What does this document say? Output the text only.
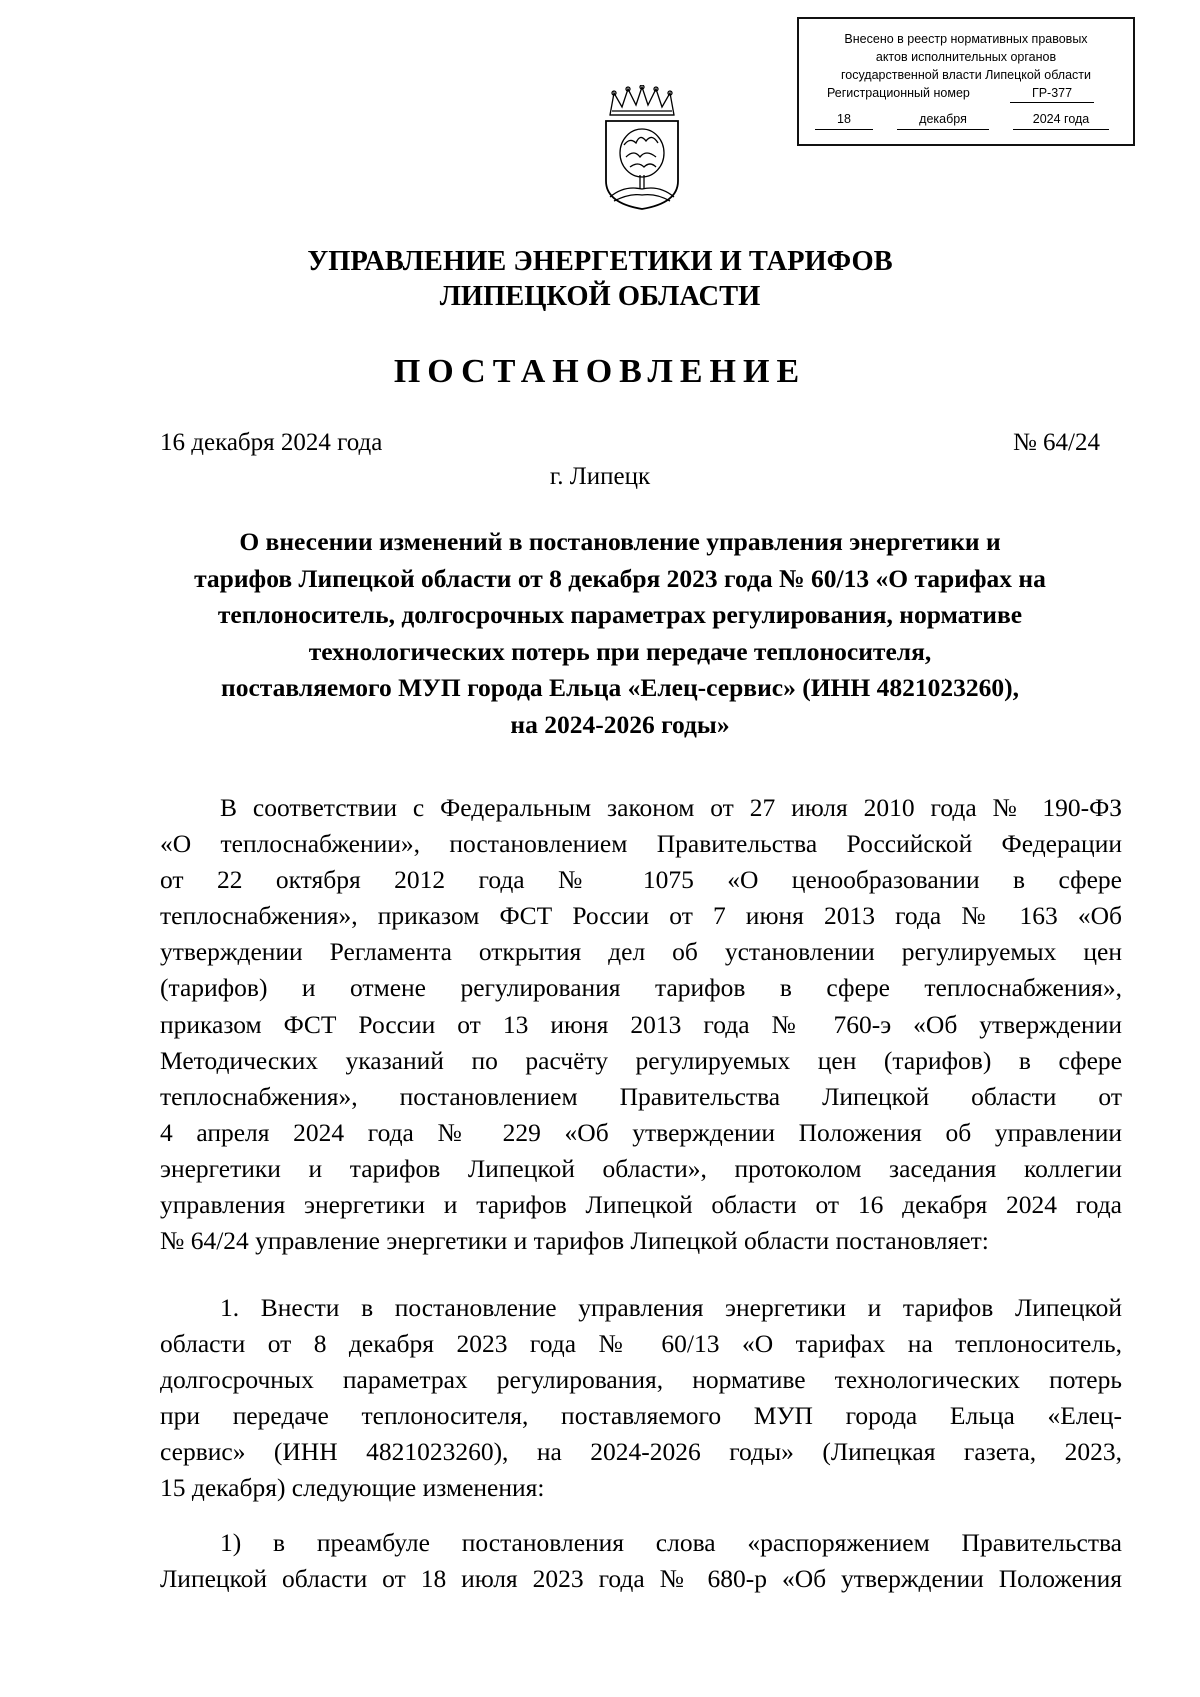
Внесено в реестр нормативных правовых
актов исполнительных органов
государственной власти Липецкой области
Регистрационный номер	ГР-377
18	декабря	2024 года
УПРАВЛЕНИЕ ЭНЕРГЕТИКИ И ТАРИФОВ
ЛИПЕЦКОЙ ОБЛАСТИ
ПОСТАНОВЛЕНИЕ
16 декабря 2024 года	№ 64/24
г. Липецк
О внесении изменений в постановление управления энергетики и
тарифов Липецкой области от 8 декабря 2023 года № 60/13 «О тарифах на
теплоноситель, долгосрочных параметрах регулирования, нормативе
технологических потерь при передаче теплоносителя,
поставляемого МУП города Ельца «Елец-сервис» (ИНН 4821023260),
на 2024-2026 годы»
В соответствии с Федеральным законом от 27 июля 2010 года № 190-ФЗ
«О теплоснабжении», постановлением Правительства Российской Федерации
от 22 октября 2012 года № 1075 «О ценообразовании в сфере
теплоснабжения», приказом ФСТ России от 7 июня 2013 года № 163 «Об
утверждении Регламента открытия дел об установлении регулируемых цен
(тарифов) и отмене регулирования тарифов в сфере теплоснабжения»,
приказом ФСТ России от 13 июня 2013 года № 760-э «Об утверждении
Методических указаний по расчёту регулируемых цен (тарифов) в сфере
теплоснабжения», постановлением Правительства Липецкой области от
4 апреля 2024 года № 229 «Об утверждении Положения об управлении
энергетики и тарифов Липецкой области», протоколом заседания коллегии
управления энергетики и тарифов Липецкой области от 16 декабря 2024 года
№ 64/24 управление энергетики и тарифов Липецкой области постановляет:
1. Внести в постановление управления энергетики и тарифов Липецкой
области от 8 декабря 2023 года № 60/13 «О тарифах на теплоноситель,
долгосрочных параметрах регулирования, нормативе технологических потерь
при передаче теплоносителя, поставляемого МУП города Ельца «Елец-
сервис» (ИНН 4821023260), на 2024-2026 годы» (Липецкая газета, 2023,
15 декабря) следующие изменения:
1) в преамбуле постановления слова «распоряжением Правительства
Липецкой области от 18 июля 2023 года № 680-р «Об утверждении Положения
